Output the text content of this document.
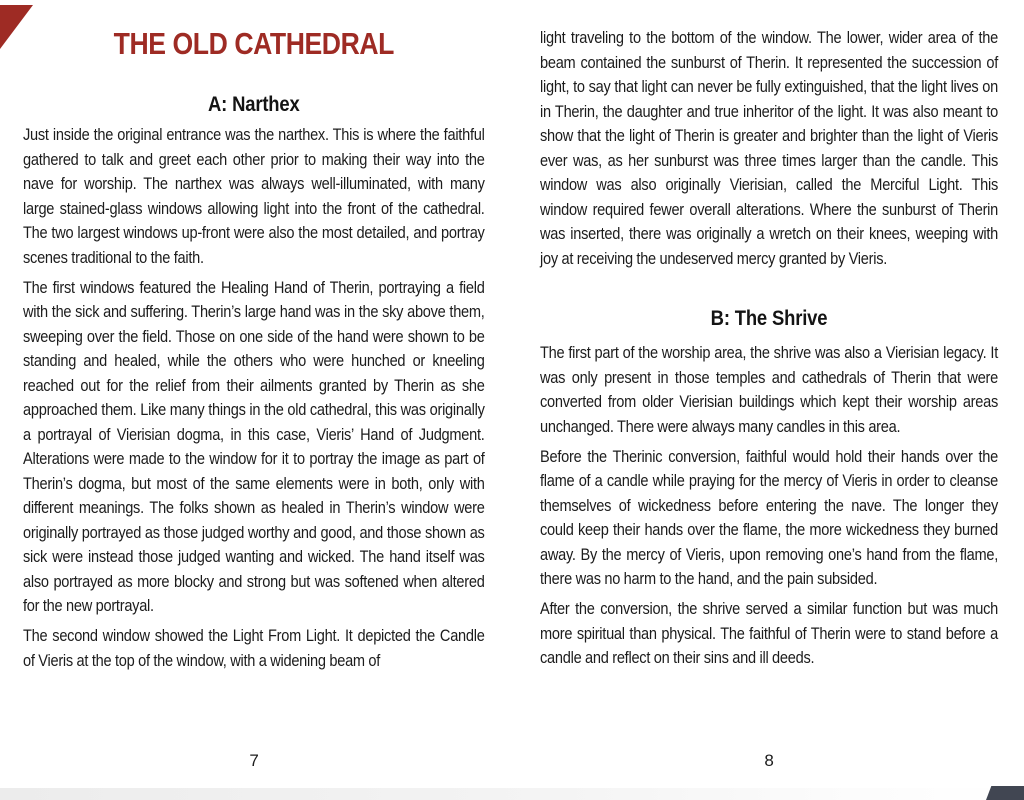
THE OLD CATHEDRAL
A: Narthex

Just inside the original entrance was the narthex. This is where the faithful gathered to talk and greet each other prior to making their way into the nave for worship. The narthex was always well-illuminated, with many large stained-glass windows allowing light into the front of the cathedral. The two largest windows up-front were also the most detailed, and portray scenes traditional to the faith.

The first windows featured the Healing Hand of Therin, portraying a field with the sick and suffering. Therin’s large hand was in the sky above them, sweeping over the field. Those on one side of the hand were shown to be standing and healed, while the others who were hunched or kneeling reached out for the relief from their ailments granted by Therin as she approached them. Like many things in the old cathedral, this was originally a portrayal of Vierisian dogma, in this case, Vieris’ Hand of Judgment. Alterations were made to the window for it to portray the image as part of Therin’s dogma, but most of the same elements were in both, only with different meanings. The folks shown as healed in Therin’s window were originally portrayed as those judged worthy and good, and those shown as sick were instead those judged wanting and wicked. The hand itself was also portrayed as more blocky and strong but was softened when altered for the new portrayal.

The second window showed the Light From Light. It depicted the Candle of Vieris at the top of the window, with a widening beam of

7

light traveling to the bottom of the window. The lower, wider area of the beam contained the sunburst of Therin. It represented the succession of light, to say that light can never be fully extinguished, that the light lives on in Therin, the daughter and true inheritor of the light. It was also meant to show that the light of Therin is greater and brighter than the light of Vieris ever was, as her sunburst was three times larger than the candle. This window was also originally Vierisian, called the Merciful Light. This window required fewer overall alterations. Where the sunburst of Therin was inserted, there was originally a wretch on their knees, weeping with joy at receiving the undeserved mercy granted by Vieris.

B: The Shrive

The first part of the worship area, the shrive was also a Vierisian legacy. It was only present in those temples and cathedrals of Therin that were converted from older Vierisian buildings which kept their worship areas unchanged. There were always many candles in this area.

Before the Therinic conversion, faithful would hold their hands over the flame of a candle while praying for the mercy of Vieris in order to cleanse themselves of wickedness before entering the nave. The longer they could keep their hands over the flame, the more wickedness they burned away. By the mercy of Vieris, upon removing one’s hand from the flame, there was no harm to the hand, and the pain subsided.

After the conversion, the shrive served a similar function but was much more spiritual than physical. The faithful of Therin were to stand before a candle and reflect on their sins and ill deeds.

8
